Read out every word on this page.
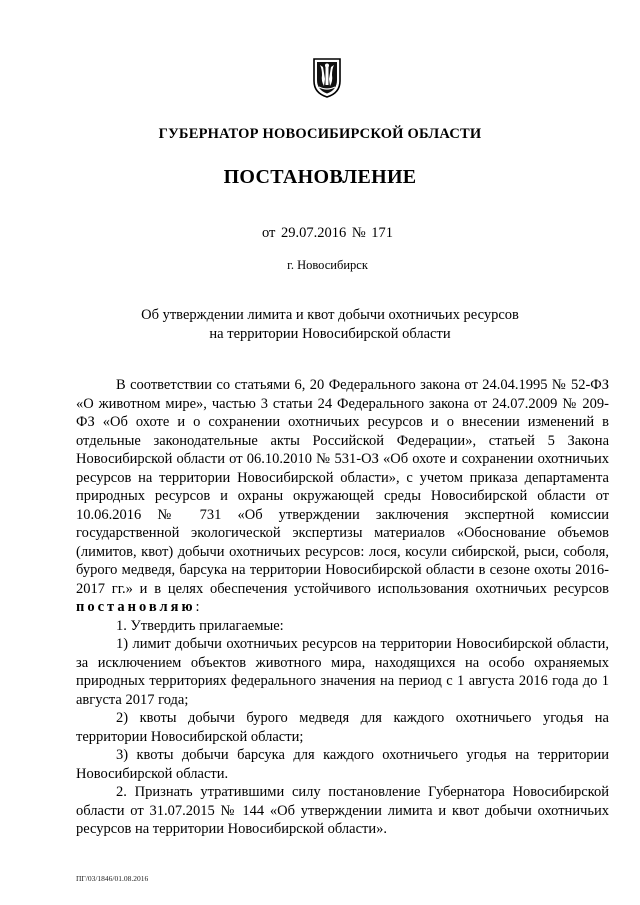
ГУБЕРНАТОР НОВОСИБИРСКОЙ ОБЛАСТИ
ПОСТАНОВЛЕНИЕ
от 29.07.2016 № 171
г. Новосибирск
Об утверждении лимита и квот добычи охотничьих ресурсов
на территории Новосибирской области

В соответствии со статьями 6, 20 Федерального закона от 24.04.1995 № 52-ФЗ «О животном мире», частью 3 статьи 24 Федерального закона от 24.07.2009 № 209-ФЗ «Об охоте и о сохранении охотничьих ресурсов и о внесении изменений в отдельные законодательные акты Российской Федерации», статьей 5 Закона Новосибирской области от 06.10.2010 № 531-ОЗ «Об охоте и сохранении охотничьих ресурсов на территории Новосибирской области», с учетом приказа департамента природных ресурсов и охраны окружающей среды Новосибирской области от 10.06.2016 № 731 «Об утверждении заключения экспертной комиссии государственной экологической экспертизы материалов «Обоснование объемов (лимитов, квот) добычи охотничьих ресурсов: лося, косули сибирской, рыси, соболя, бурого медведя, барсука на территории Новосибирской области в сезоне охоты 2016-2017 гг.» и в целях обеспечения устойчивого использования охотничьих ресурсов постановляю:

1. Утвердить прилагаемые:

1) лимит добычи охотничьих ресурсов на территории Новосибирской области, за исключением объектов животного мира, находящихся на особо охраняемых природных территориях федерального значения на период с 1 августа 2016 года до 1 августа 2017 года;

2) квоты добычи бурого медведя для каждого охотничьего угодья на территории Новосибирской области;

3) квоты добычи барсука для каждого охотничьего угодья на территории Новосибирской области.

2. Признать утратившими силу постановление Губернатора Новосибирской области от 31.07.2015 № 144 «Об утверждении лимита и квот добычи охотничьих ресурсов на территории Новосибирской области».

ПГ/03/1846/01.08.2016
